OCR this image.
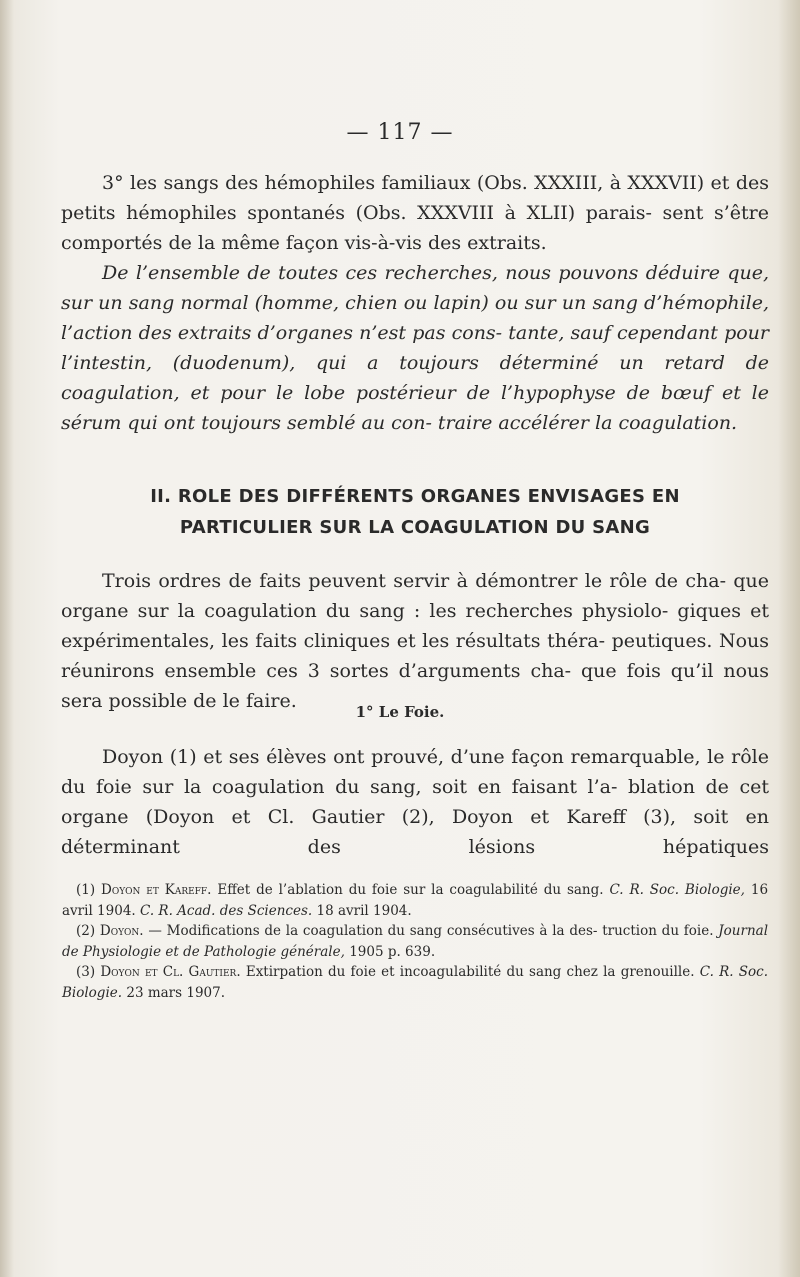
— 117 —

3° les sangs des hémophiles familiaux (Obs. XXXIII, à XXXVII) et des petits hémophiles spontanés (Obs. XXXVIII à XLII) parais- sent s’être comportés de la même façon vis-à-vis des extraits.

De l’ensemble de toutes ces recherches, nous pouvons déduire que, sur un sang normal (homme, chien ou lapin) ou sur un sang d’hémophile, l’action des extraits d’organes n’est pas cons- tante, sauf cependant pour l’intestin, (duodenum), qui a toujours déterminé un retard de coagulation, et pour le lobe postérieur de l’hypophyse de bœuf et le sérum qui ont toujours semblé au con- traire accélérer la coagulation.

II. ROLE DES DIFFÉRENTS ORGANES ENVISAGES EN
PARTICULIER SUR LA COAGULATION DU SANG

Trois ordres de faits peuvent servir à démontrer le rôle de cha- que organe sur la coagulation du sang : les recherches physiolo- giques et expérimentales, les faits cliniques et les résultats théra- peutiques. Nous réunirons ensemble ces 3 sortes d’arguments cha- que fois qu’il nous sera possible de le faire.	1° Le Foie.

Doyon (1) et ses élèves ont prouvé, d’une façon remarquable, le rôle du foie sur la coagulation du sang, soit en faisant l’a- blation de cet organe (Doyon et Cl. Gautier (2), Doyon et Kareff (3), soit en déterminant des lésions hépatiques

(1) Doyon et Kareff. Effet de l’ablation du foie sur la coagulabilité du sang. C. R. Soc. Biologie, 16 avril 1904. C. R. Acad. des Sciences. 18 avril 1904.

(2) Doyon. — Modifications de la coagulation du sang consécutives à la des- truction du foie. Journal de Physiologie et de Pathologie générale, 1905 p. 639.

(3) Doyon et Cl. Gautier. Extirpation du foie et incoagulabilité du sang chez la grenouille. C. R. Soc. Biologie. 23 mars 1907.
